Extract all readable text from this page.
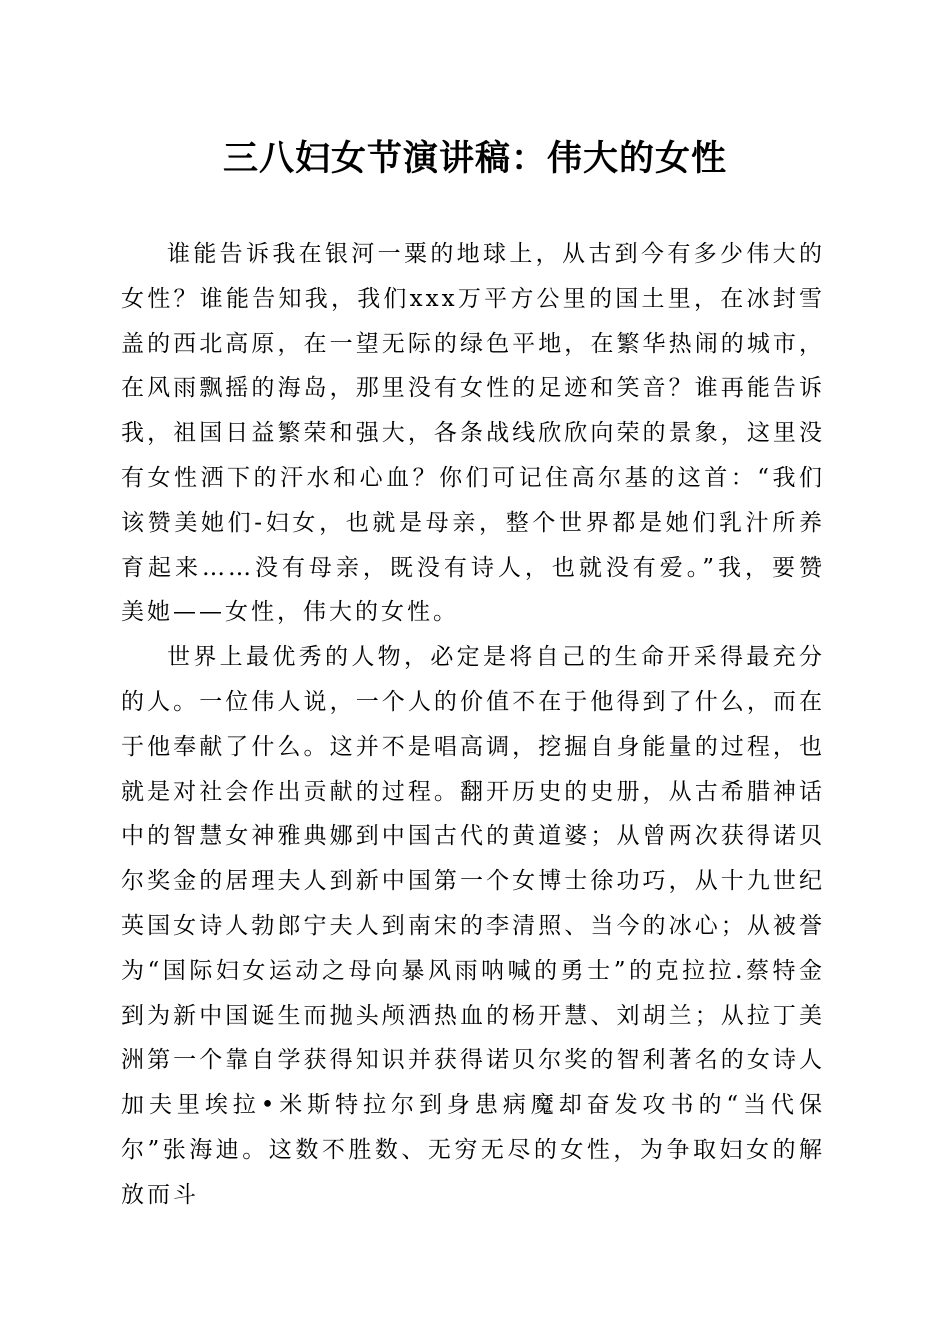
三八妇女节演讲稿：伟大的女性

谁能告诉我在银河一粟的地球上，从古到今有多少伟大的女性？谁能告知我，我们xxx万平方公里的国土里，在冰封雪盖的西北高原，在一望无际的绿色平地，在繁华热闹的城市，在风雨飘摇的海岛，那里没有女性的足迹和笑音？谁再能告诉我，祖国日益繁荣和强大，各条战线欣欣向荣的景象，这里没有女性洒下的汗水和心血？你们可记住高尔基的这首：“我们该赞美她们-妇女，也就是母亲，整个世界都是她们乳汁所养育起来……没有母亲，既没有诗人，也就没有爱。”我，要赞美她——女性，伟大的女性。

世界上最优秀的人物，必定是将自己的生命开采得最充分的人。一位伟人说，一个人的价值不在于他得到了什么，而在于他奉献了什么。这并不是唱高调，挖掘自身能量的过程，也就是对社会作出贡献的过程。翻开历史的史册，从古希腊神话中的智慧女神雅典娜到中国古代的黄道婆；从曾两次获得诺贝尔奖金的居理夫人到新中国第一个女博士徐功巧，从十九世纪英国女诗人勃郎宁夫人到南宋的李清照、当今的冰心；从被誉为“国际妇女运动之母向暴风雨呐喊的勇士”的克拉拉.蔡特金到为新中国诞生而抛头颅洒热血的杨开慧、刘胡兰；从拉丁美洲第一个靠自学获得知识并获得诺贝尔奖的智利著名的女诗人加夫里埃拉•米斯特拉尔到身患病魔却奋发攻书的“当代保尔”张海迪。这数不胜数、无穷无尽的女性，为争取妇女的解放而斗
